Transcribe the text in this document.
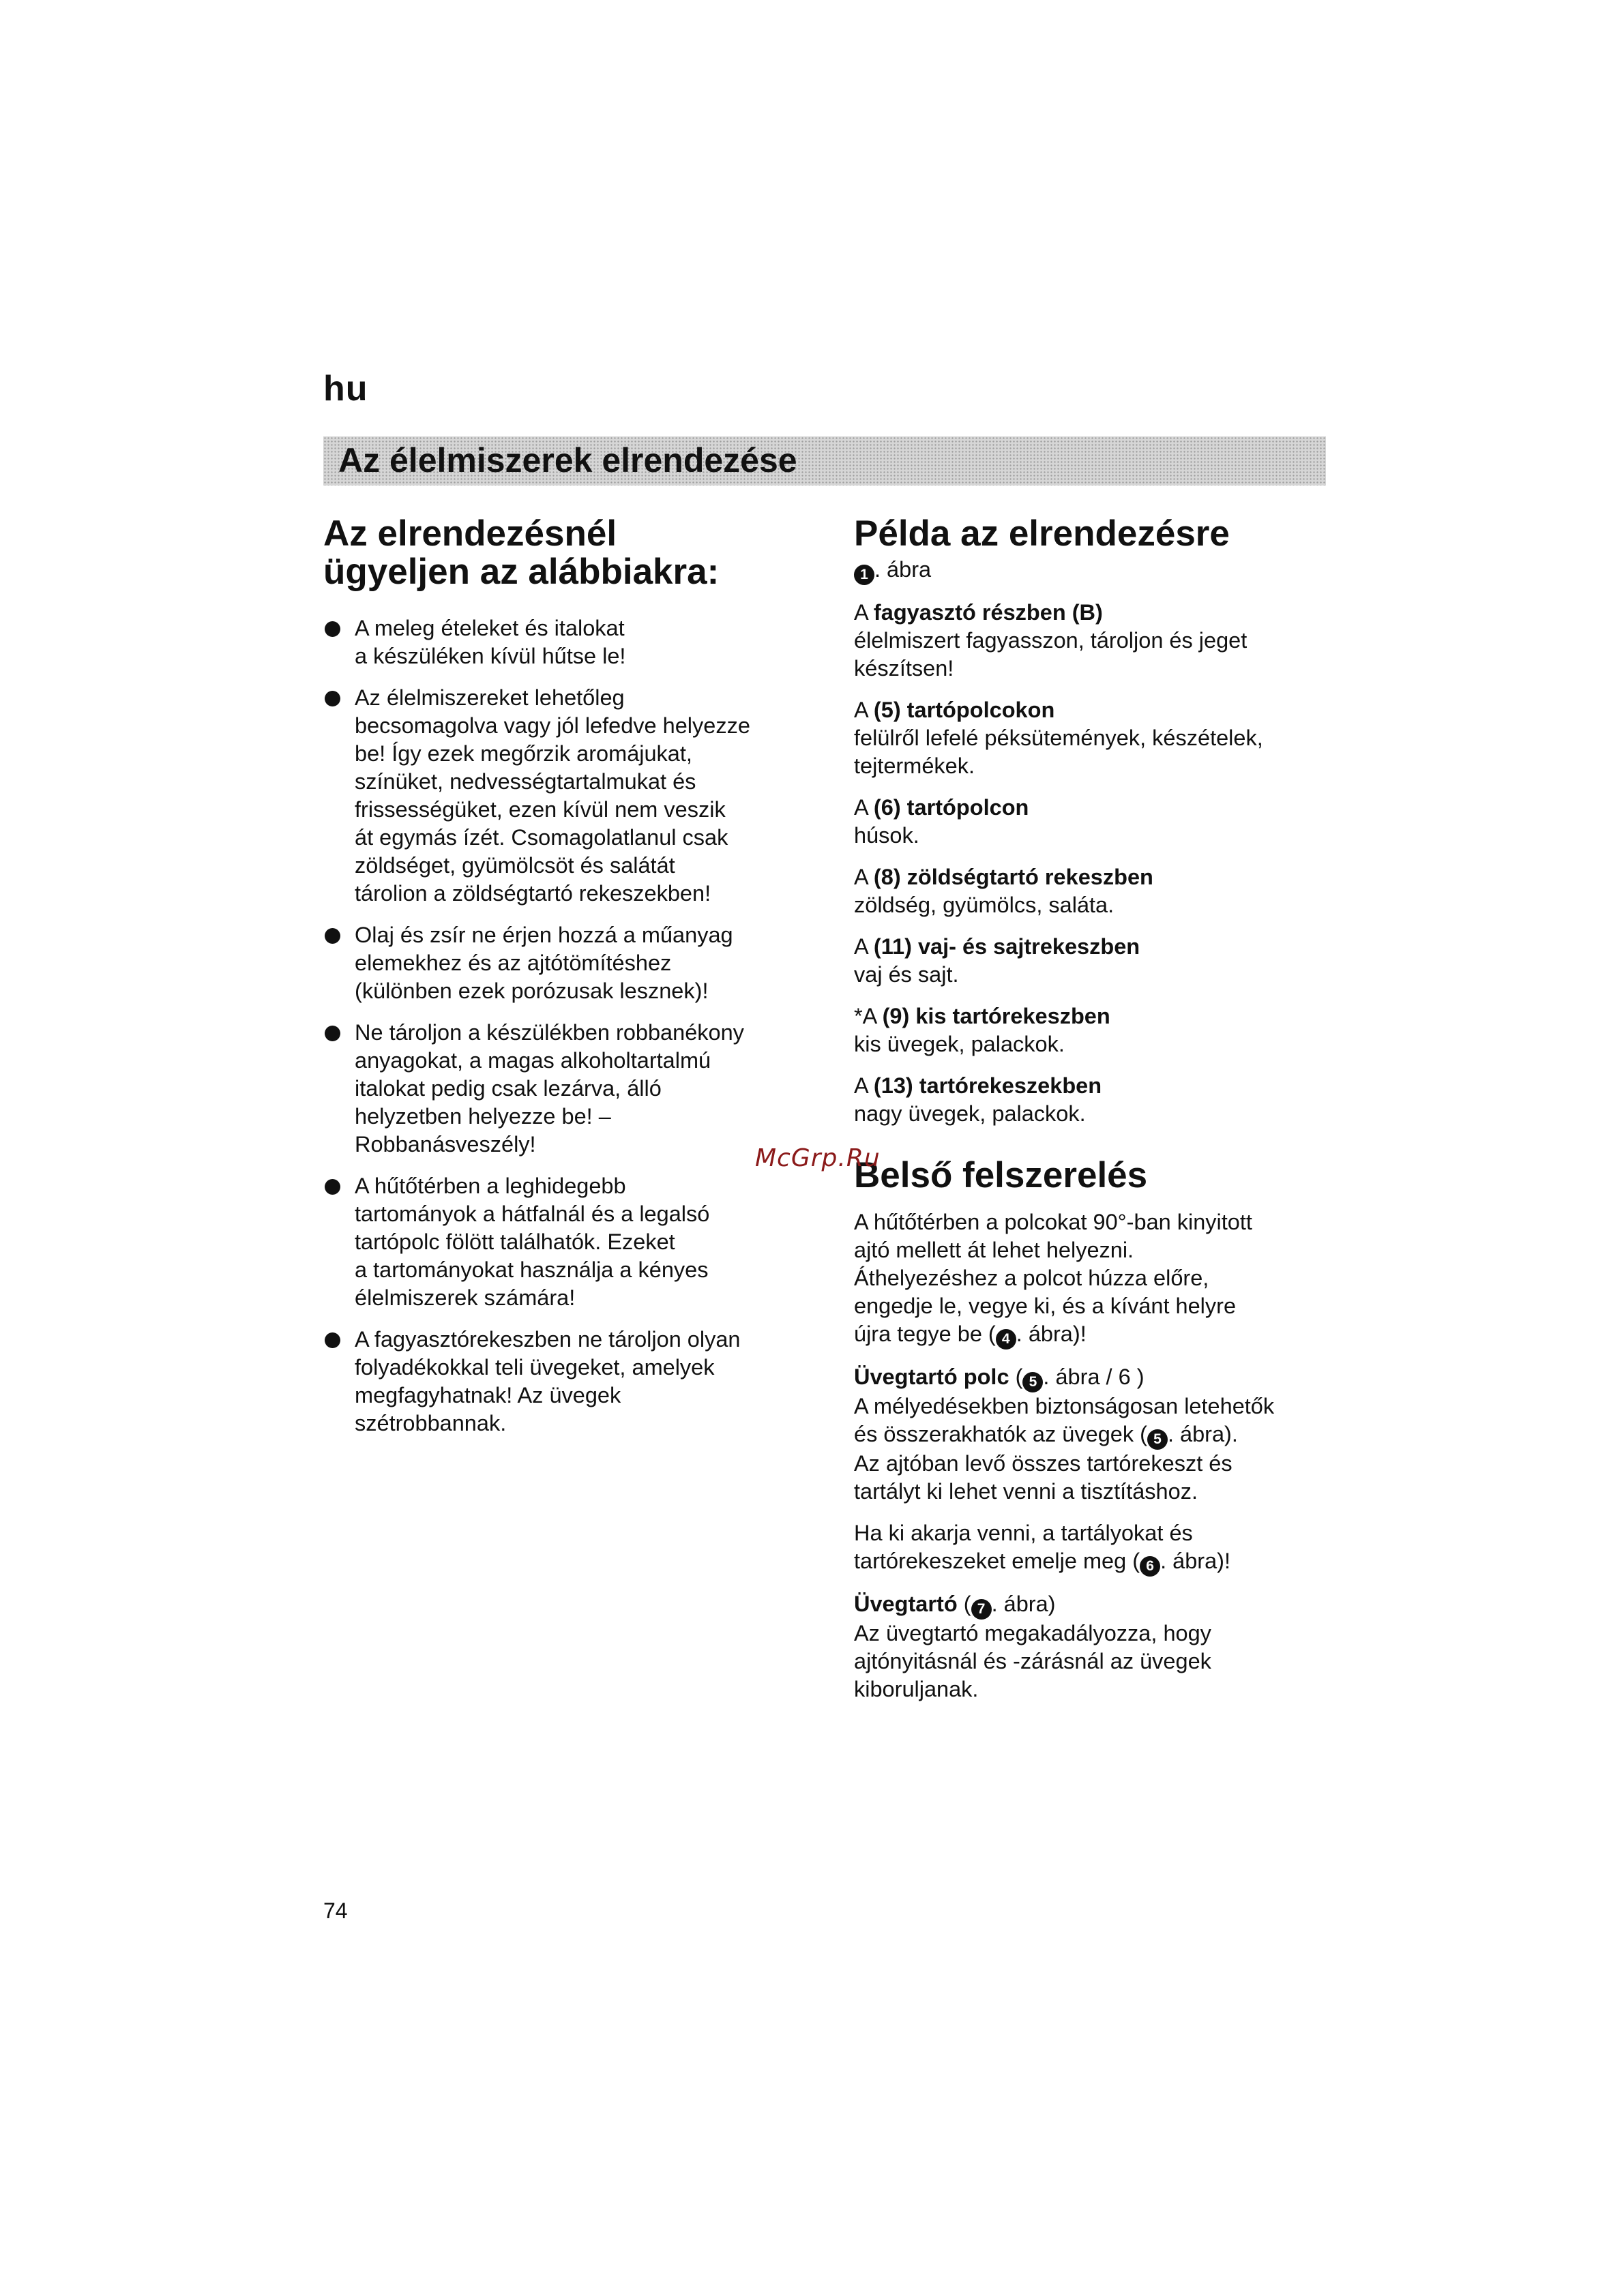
hu
Az élelmiszerek elrendezése
Az elrendezésnél
ügyeljen az alábbiakra:
A meleg ételeket és italokat
a készüléken kívül hűtse le!
Az élelmiszereket lehetőleg
becsomagolva vagy jól lefedve helyezze
be! Így ezek megőrzik aromájukat,
színüket, nedvességtartalmukat és
frissességüket, ezen kívül nem veszik
át egymás ízét. Csomagolatlanul csak
zöldséget, gyümölcsöt és salátát
tárolion a zöldségtartó rekeszekben!
Olaj és zsír ne érjen hozzá a műanyag
elemekhez és az ajtótömítéshez
(különben ezek porózusak lesznek)!
Ne tároljon a készülékben robbanékony
anyagokat, a magas alkoholtartalmú
italokat pedig csak lezárva, álló
helyzetben helyezze be! –
Robbanásveszély!
A hűtőtérben a leghidegebb
tartományok a hátfalnál és a legalsó
tartópolc fölött találhatók. Ezeket
a tartományokat használja a kényes
élelmiszerek számára!
A fagyasztórekeszben ne tároljon olyan
folyadékokkal teli üvegeket, amelyek
megfagyhatnak! Az üvegek
szétrobbannak.
Példa az elrendezésre
1 . ábra
A fagyasztó részben (B)
élelmiszert fagyasszon, tároljon és jeget
készítsen!
A (5) tartópolcokon
felülről lefelé péksütemények, készételek,
tejtermékek.
A (6) tartópolcon
húsok.
A (8) zöldségtartó rekeszben
zöldség, gyümölcs, saláta.
A (11) vaj- és sajtrekeszben
vaj és sajt.
*A (9) kis tartórekeszben
kis üvegek, palackok.
A (13) tartórekeszekben
nagy üvegek, palackok.
Belső felszerelés
A hűtőtérben a polcokat 90°-ban kinyitott
ajtó mellett át lehet helyezni.
Áthelyezéshez a polcot húzza előre,
engedje le, vegye ki, és a kívánt helyre
újra tegye be ( 4 . ábra)!
Üvegtartó polc ( 5 . ábra / 6 )
A mélyedésekben biztonságosan letehetők
és összerakhatók az üvegek ( 5 . ábra).
Az ajtóban levő összes tartórekeszt és
tartályt ki lehet venni a tisztításhoz.
Ha ki akarja venni, a tartályokat és
tartórekeszeket emelje meg ( 6 . ábra)!
Üvegtartó ( 7 . ábra)
Az üvegtartó megakadályozza, hogy
ajtónyitásnál és -zárásnál az üvegek
kiboruljanak.
McGrp.Ru
74
